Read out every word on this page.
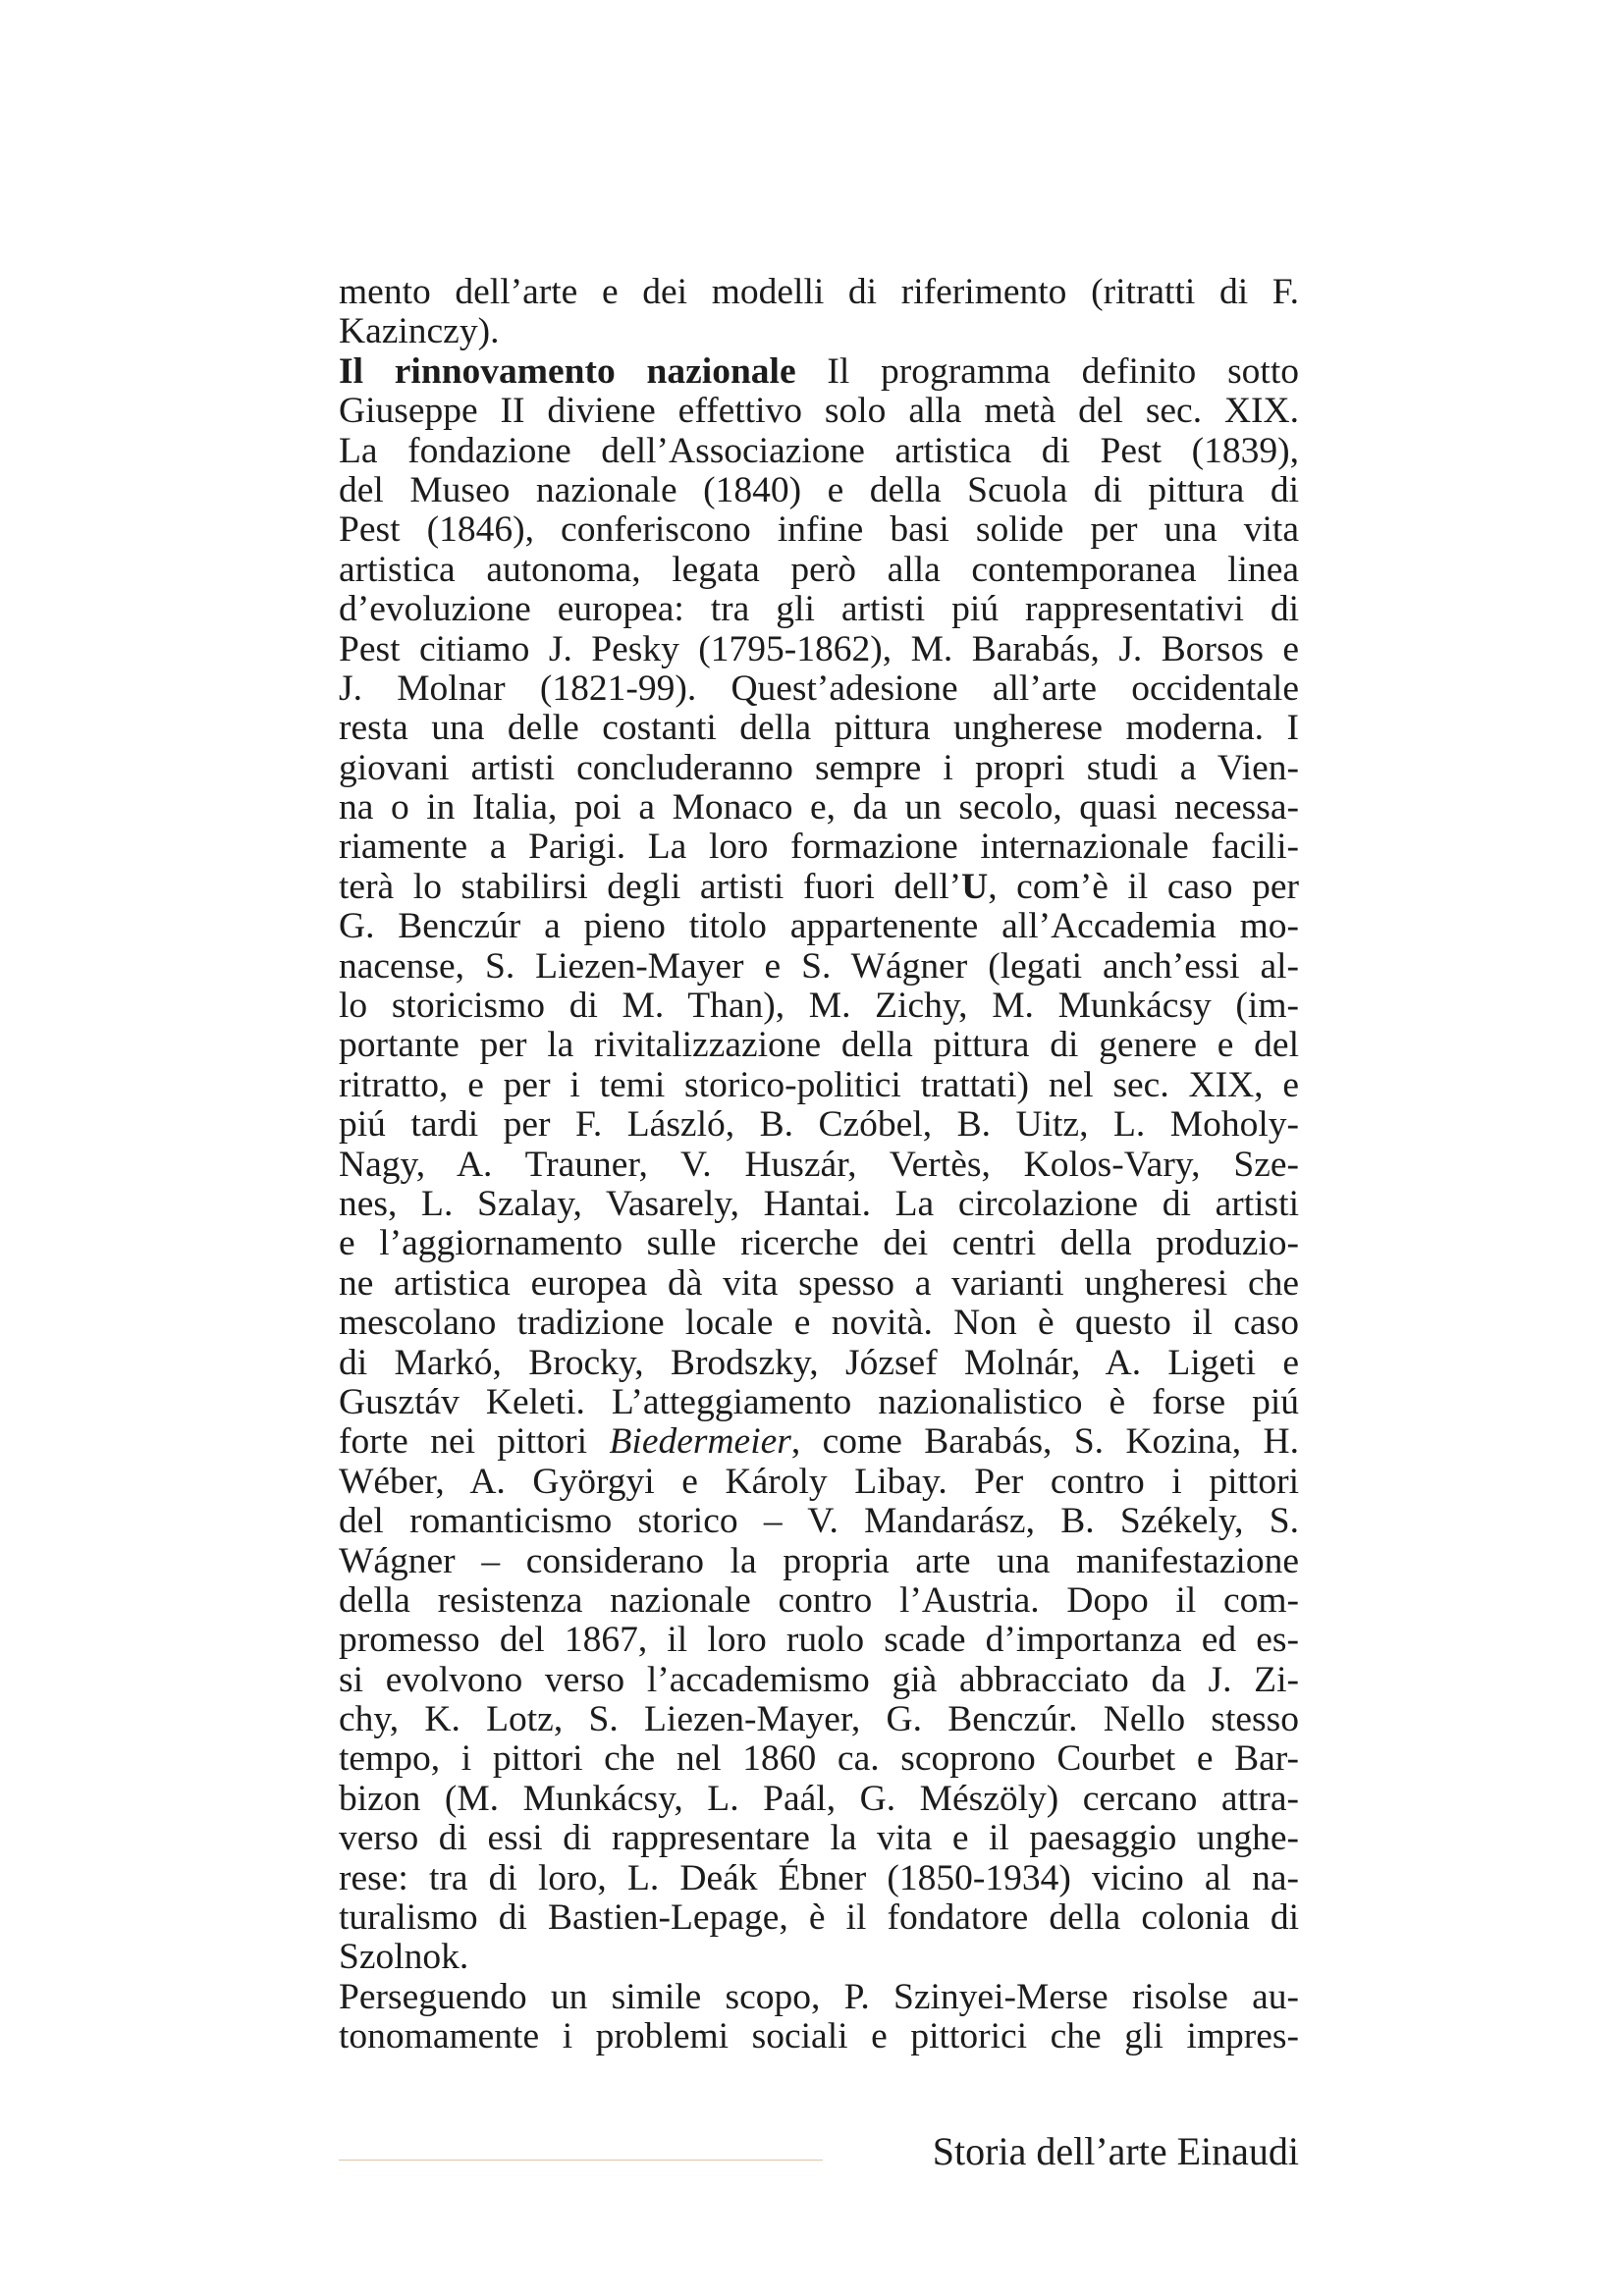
mento dell’arte e dei modelli di riferimento (ritratti di F.
Kazinczy).
Il rinnovamento nazionale Il programma definito sotto
Giuseppe II diviene effettivo solo alla metà del sec. XIX.
La fondazione dell’Associazione artistica di Pest (1839),
del Museo nazionale (1840) e della Scuola di pittura di
Pest (1846), conferiscono infine basi solide per una vita
artistica autonoma, legata però alla contemporanea linea
d’evoluzione europea: tra gli artisti piú rappresentativi di
Pest citiamo J. Pesky (1795-1862), M. Barabás, J. Borsos e
J. Molnar (1821-99). Quest’adesione all’arte occidentale
resta una delle costanti della pittura ungherese moderna. I
giovani artisti concluderanno sempre i propri studi a Vien-
na o in Italia, poi a Monaco e, da un secolo, quasi necessa-
riamente a Parigi. La loro formazione internazionale facili-
terà lo stabilirsi degli artisti fuori dell’U, com’è il caso per
G. Benczúr a pieno titolo appartenente all’Accademia mo-
nacense, S. Liezen-Mayer e S. Wágner (legati anch’essi al-
lo storicismo di M. Than), M. Zichy, M. Munkácsy (im-
portante per la rivitalizzazione della pittura di genere e del
ritratto, e per i temi storico-politici trattati) nel sec. XIX, e
piú tardi per F. László, B. Czóbel, B. Uitz, L. Moholy-
Nagy, A. Trauner, V. Huszár, Vertès, Kolos-Vary, Sze-
nes, L. Szalay, Vasarely, Hantai. La circolazione di artisti
e l’aggiornamento sulle ricerche dei centri della produzio-
ne artistica europea dà vita spesso a varianti ungheresi che
mescolano tradizione locale e novità. Non è questo il caso
di Markó, Brocky, Brodszky, József Molnár, A. Ligeti e
Gusztáv Keleti. L’atteggiamento nazionalistico è forse piú
forte nei pittori Biedermeier, come Barabás, S. Kozina, H.
Wéber, A. Györgyi e Károly Libay. Per contro i pittori
del romanticismo storico – V. Mandarász, B. Székely, S.
Wágner – considerano la propria arte una manifestazione
della resistenza nazionale contro l’Austria. Dopo il com-
promesso del 1867, il loro ruolo scade d’importanza ed es-
si evolvono verso l’accademismo già abbracciato da J. Zi-
chy, K. Lotz, S. Liezen-Mayer, G. Benczúr. Nello stesso
tempo, i pittori che nel 1860 ca. scoprono Courbet e Bar-
bizon (M. Munkácsy, L. Paál, G. Mészöly) cercano attra-
verso di essi di rappresentare la vita e il paesaggio unghe-
rese: tra di loro, L. Deák Ébner (1850-1934) vicino al na-
turalismo di Bastien-Lepage, è il fondatore della colonia di
Szolnok.
Perseguendo un simile scopo, P. Szinyei-Merse risolse au-
tonomamente i problemi sociali e pittorici che gli impres-
Storia dell’arte Einaudi
